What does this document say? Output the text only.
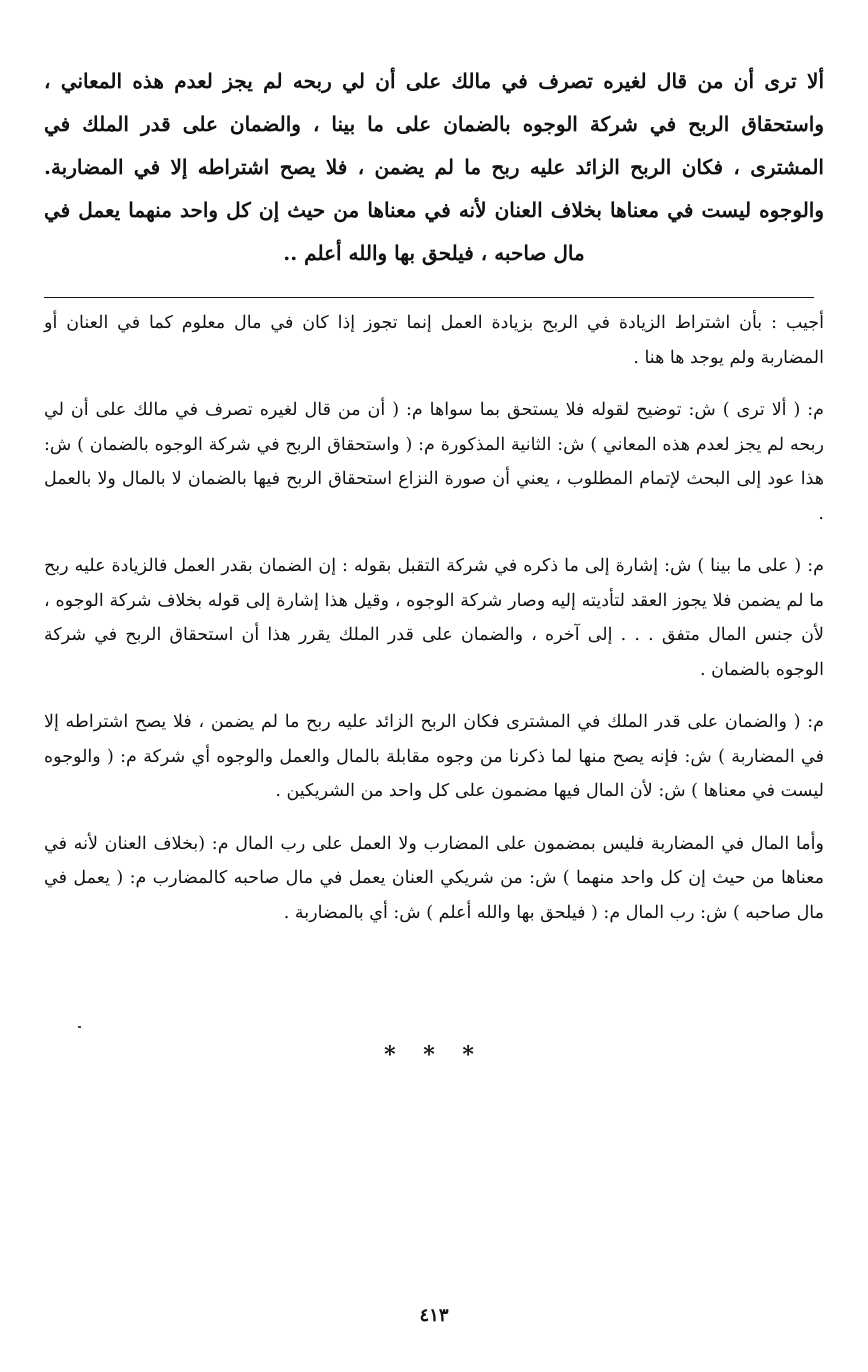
ألا ترى أن من قال لغيره تصرف في مالك على أن لي ربحه لم يجز لعدم هذه المعاني ، واستحقاق الربح في شركة الوجوه بالضمان على ما بينا ، والضمان على قدر الملك في المشترى ، فكان الربح الزائد عليه ربح ما لم يضمن ، فلا يصح اشتراطه إلا في المضاربة. والوجوه ليست في معناها بخلاف العنان لأنه في معناها من حيث إن كل واحد منهما يعمل في مال صاحبه ، فيلحق بها والله أعلم ..

أجيب : بأن اشتراط الزيادة في الربح بزيادة العمل إنما تجوز إذا كان في مال معلوم كما في العنان أو المضاربة ولم يوجد ها هنا .

م: ( ألا ترى ) ش: توضيح لقوله فلا يستحق بما سواها م: ( أن من قال لغيره تصرف في مالك على أن لي ربحه لم يجز لعدم هذه المعاني ) ش: الثانية المذكورة م: ( واستحقاق الربح في شركة الوجوه بالضمان ) ش: هذا عود إلى البحث لإتمام المطلوب ، يعني أن صورة النزاع استحقاق الربح فيها بالضمان لا بالمال ولا بالعمل .

م: ( على ما بينا ) ش: إشارة إلى ما ذكره في شركة التقبل بقوله : إن الضمان بقدر العمل فالزيادة عليه ربح ما لم يضمن فلا يجوز العقد لتأديته إليه وصار شركة الوجوه ، وقيل هذا إشارة إلى قوله بخلاف شركة الوجوه ، لأن جنس المال متفق . . . إلى آخره ، والضمان على قدر الملك يقرر هذا أن استحقاق الربح في شركة الوجوه بالضمان .

م: ( والضمان على قدر الملك في المشترى فكان الربح الزائد عليه ربح ما لم يضمن ، فلا يصح اشتراطه إلا في المضاربة ) ش: فإنه يصح منها لما ذكرنا من وجوه مقابلة بالمال والعمل والوجوه أي شركة م: ( والوجوه ليست في معناها ) ش: لأن المال فيها مضمون على كل واحد من الشريكين .

وأما المال في المضاربة فليس بمضمون على المضارب ولا العمل على رب المال م: (بخلاف العنان لأنه في معناها من حيث إن كل واحد منهما ) ش: من شريكي العنان يعمل في مال صاحبه كالمضارب م: ( يعمل في مال صاحبه ) ش: رب المال م: ( فيلحق بها والله أعلم ) ش: أي بالمضاربة .

* * *
٤١٣
